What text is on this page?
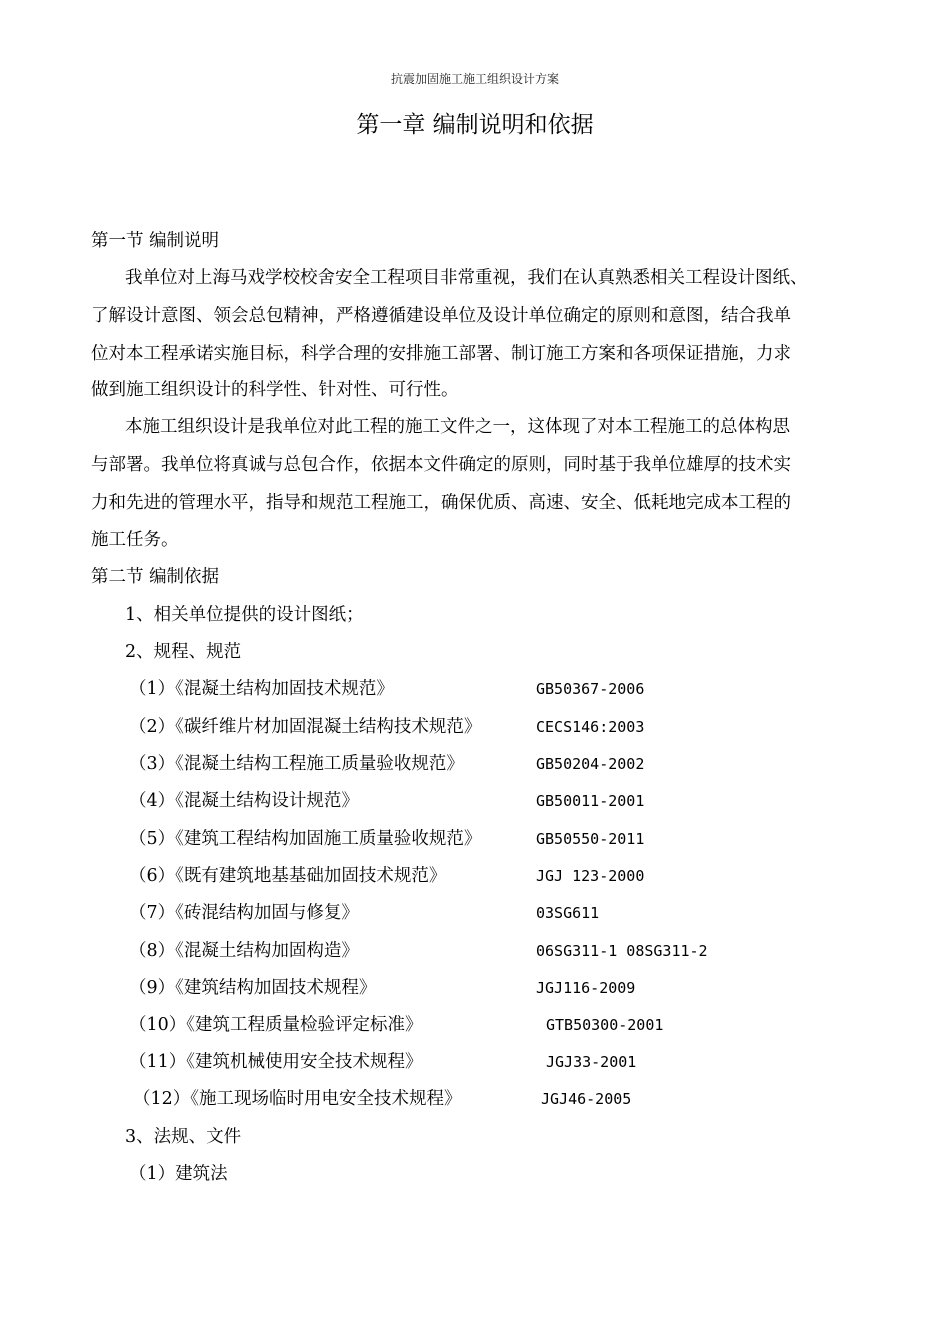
抗震加固施工施工组织设计方案
第一章 编制说明和依据
第一节 编制说明
我单位对上海马戏学校校舍安全工程项目非常重视，我们在认真熟悉相关工程设计图纸、
了解设计意图、领会总包精神，严格遵循建设单位及设计单位确定的原则和意图，结合我单
位对本工程承诺实施目标，科学合理的安排施工部署、制订施工方案和各项保证措施，力求
做到施工组织设计的科学性、针对性、可行性。
本施工组织设计是我单位对此工程的施工文件之一，这体现了对本工程施工的总体构思
与部署。我单位将真诚与总包合作，依据本文件确定的原则，同时基于我单位雄厚的技术实
力和先进的管理水平，指导和规范工程施工，确保优质、高速、安全、低耗地完成本工程的
施工任务。
第二节 编制依据
1、相关单位提供的设计图纸；
2、规程、规范
（1）《混凝土结构加固技术规范》	GB50367-2006
（2）《碳纤维片材加固混凝土结构技术规范》	CECS146:2003
（3）《混凝土结构工程施工质量验收规范》	GB50204-2002
（4）《混凝土结构设计规范》	GB50011-2001
（5）《建筑工程结构加固施工质量验收规范》	GB50550-2011
（6）《既有建筑地基基础加固技术规范》	JGJ 123-2000
（7）《砖混结构加固与修复》	03SG611
（8）《混凝土结构加固构造》	06SG311-1 08SG311-2
（9）《建筑结构加固技术规程》	JGJ116-2009
（10）《建筑工程质量检验评定标准》	GTB50300-2001
（11）《建筑机械使用安全技术规程》	JGJ33-2001
（12）《施工现场临时用电安全技术规程》	JGJ46-2005
3、法规、文件
（1）建筑法
